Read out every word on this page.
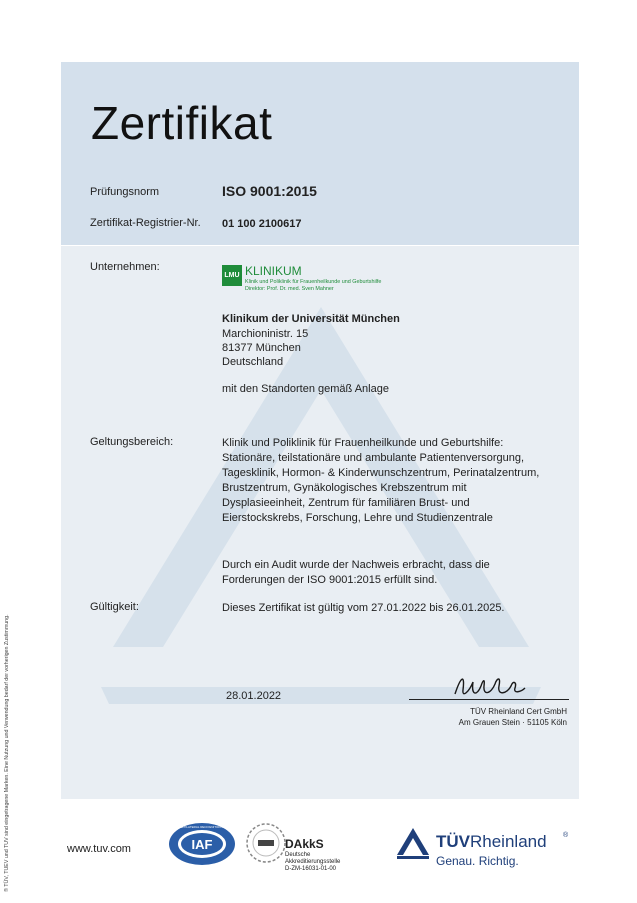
Zertifikat
Prüfungsnorm	ISO 9001:2015
Zertifikat-Registrier-Nr. 01 100 2100617
Unternehmen:
LMU KLINIKUM
Klinik und Poliklinik für Frauenheilkunde und Geburtshilfe
Direktor: Prof. Dr. med. Sven Mahner
Klinikum der Universität München
Marchioninistr. 15
81377 München
Deutschland
mit den Standorten gemäß Anlage
Geltungsbereich:	Klinik und Poliklinik für Frauenheilkunde und Geburtshilfe:
Stationäre, teilstationäre und ambulante Patientenversorgung,
Tagesklinik, Hormon- & Kinderwunschzentrum, Perinatalzentrum,
Brustzentrum, Gynäkologisches Krebszentrum mit
Dysplasieeinheit, Zentrum für familiären Brust- und
Eierstockskrebs, Forschung, Lehre und Studienzentrale
Durch ein Audit wurde der Nachweis erbracht, dass die
Forderungen der ISO 9001:2015 erfüllt sind.
Gültigkeit:	Dieses Zertifikat ist gültig vom 27.01.2022 bis 26.01.2025.
28.01.2022
TÜV Rheinland Cert GmbH
Am Grauen Stein · 51105 Köln
www.tuv.com	IAF
MEMBER OF MULTILATERAL RECOGNITION ARRANGEMENT
DAkkS
Deutsche
Akkreditierungsstelle
D-ZM-16031-01-00
TÜVRheinland ®
Genau. Richtig.
® TÜV, TUEV und TUV sind eingetragene Marken. Eine Nutzung und Verwendung bedarf der vorherigen Zustimmung.
